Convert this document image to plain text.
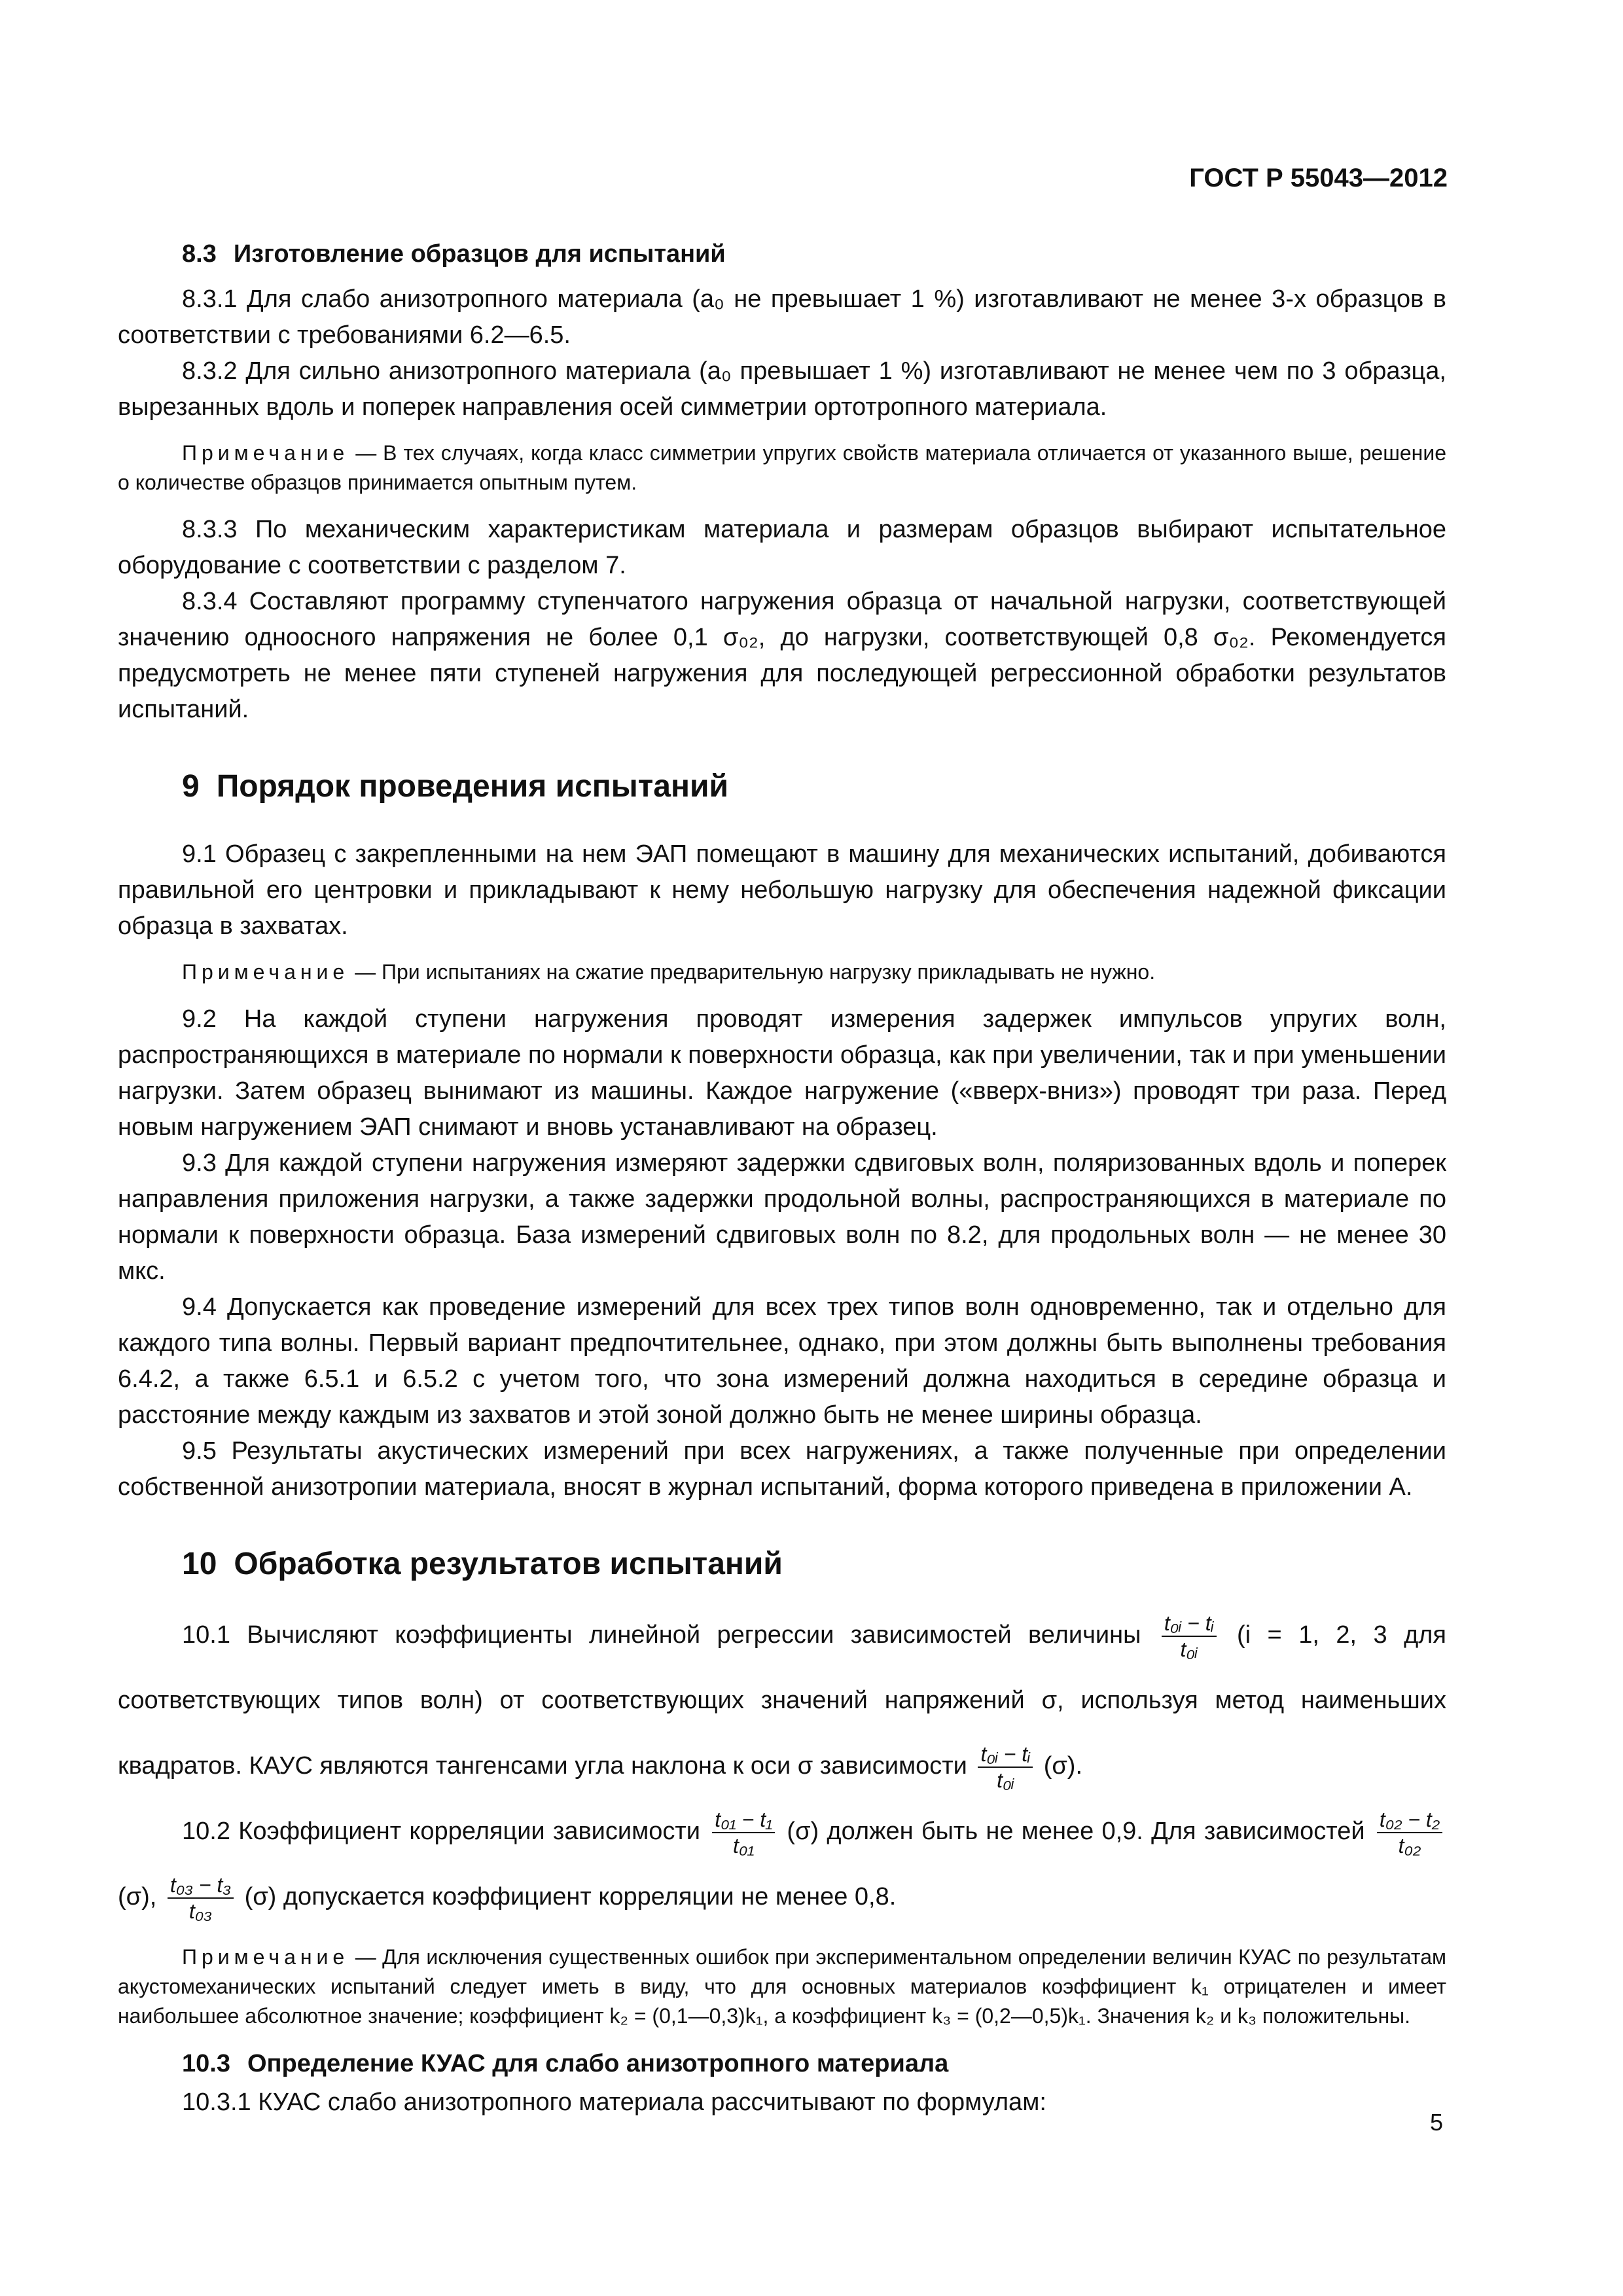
ГОСТ Р 55043—2012
8.3 Изготовление образцов для испытаний

8.3.1 Для слабо анизотропного материала (a₀ не превышает 1 %) изготавливают не менее 3-х образцов в соответствии с требованиями 6.2—6.5.

8.3.2 Для сильно анизотропного материала (a₀ превышает 1 %) изготавливают не менее чем по 3 образца, вырезанных вдоль и поперек направления осей симметрии ортотропного материала.

Примечание — В тех случаях, когда класс симметрии упругих свойств материала отличается от указанного выше, решение о количестве образцов принимается опытным путем.

8.3.3 По механическим характеристикам материала и размерам образцов выбирают испытательное оборудование с соответствии с разделом 7.

8.3.4 Составляют программу ступенчатого нагружения образца от начальной нагрузки, соответствующей значению одноосного напряжения не более 0,1 σ₀₂, до нагрузки, соответствующей 0,8 σ₀₂. Рекомендуется предусмотреть не менее пяти ступеней нагружения для последующей регрессионной обработки результатов испытаний.

9 Порядок проведения испытаний

9.1 Образец с закрепленными на нем ЭАП помещают в машину для механических испытаний, добиваются правильной его центровки и прикладывают к нему небольшую нагрузку для обеспечения надежной фиксации образца в захватах.

Примечание — При испытаниях на сжатие предварительную нагрузку прикладывать не нужно.

9.2 На каждой ступени нагружения проводят измерения задержек импульсов упругих волн, распространяющихся в материале по нормали к поверхности образца, как при увеличении, так и при уменьшении нагрузки. Затем образец вынимают из машины. Каждое нагружение («вверх-вниз») проводят три раза. Перед новым нагружением ЭАП снимают и вновь устанавливают на образец.

9.3 Для каждой ступени нагружения измеряют задержки сдвиговых волн, поляризованных вдоль и поперек направления приложения нагрузки, а также задержки продольной волны, распространяющихся в материале по нормали к поверхности образца. База измерений сдвиговых волн по 8.2, для продольных волн — не менее 30 мкс.

9.4 Допускается как проведение измерений для всех трех типов волн одновременно, так и отдельно для каждого типа волны. Первый вариант предпочтительнее, однако, при этом должны быть выполнены требования 6.4.2, а также 6.5.1 и 6.5.2 с учетом того, что зона измерений должна находиться в середине образца и расстояние между каждым из захватов и этой зоной должно быть не менее ширины образца.

9.5 Результаты акустических измерений при всех нагружениях, а также полученные при определении собственной анизотропии материала, вносят в журнал испытаний, форма которого приведена в приложении А.

10 Обработка результатов испытаний

10.1 Вычисляют коэффициенты линейной регрессии зависимостей величины $\frac{\text{t₀ᵢ − tᵢ}}{\text{t₀ᵢ}} (i = 1$, 2, 3 для соответствующих типов волн) от соответствующих значений напряжений σ, используя метод наименьших квадратов. КАУС являются тангенсами угла наклона к оси σ зависимости $\frac{\text{t₀ᵢ − tᵢ}}{\text{t₀ᵢ}} (\sigma)$.

10.2 Коэффициент корреляции зависимости $\frac{\text{t₀₁ − t₁}}{\text{t₀₁}} (\sigma)$ должен быть не менее 0,9. Для зависимостей $\frac{\text{t₀₂ − t₂}}{\text{t₀₂}}$
(σ), $\frac{\text{t₀₃ − t₃}}{\text{t₀₃}} (\sigma)$ допускается коэффициент корреляции не менее 0,8.

Примечание — Для исключения существенных ошибок при экспериментальном определении величин КУАС по результатам акустомеханических испытаний следует иметь в виду, что для основных материалов коэффициент k₁ отрицателен и имеет наибольшее абсолютное значение; коэффициент k₂ = (0,1—0,3)k₁, а коэффициент k₃ = (0,2—0,5)k₁. Значения k₂ и k₃ положительны.

10.3 Определение КУАС для слабо анизотропного материала

10.3.1 КУАС слабо анизотропного материала рассчитывают по формулам:

5
